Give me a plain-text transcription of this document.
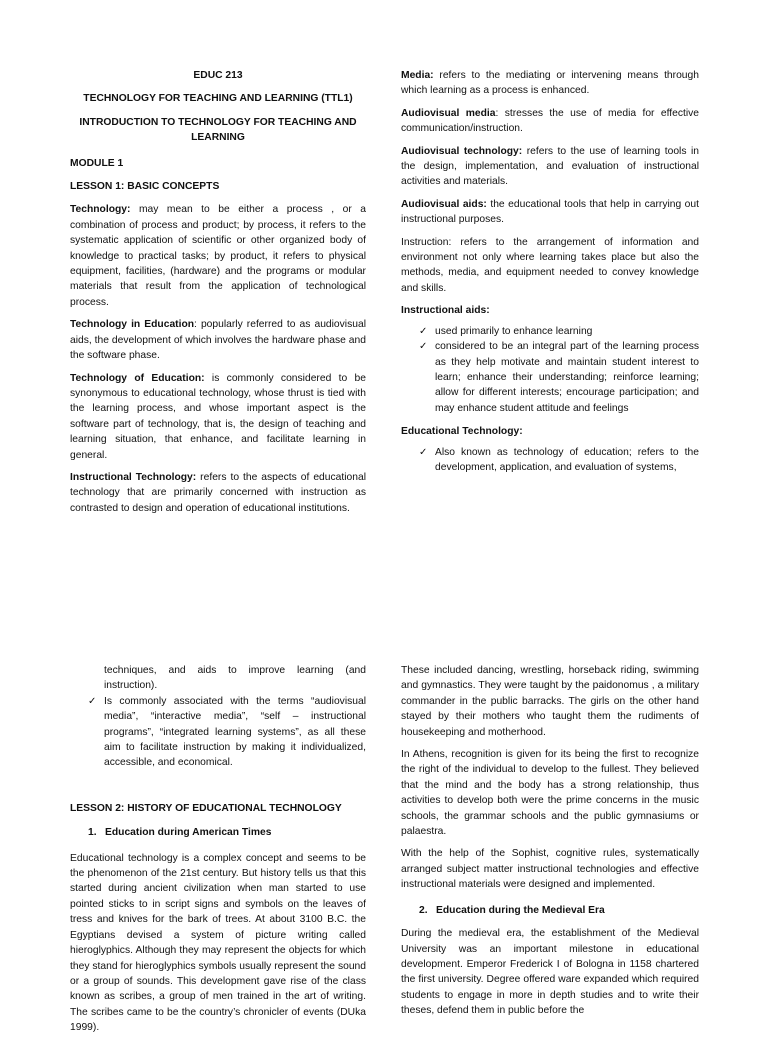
EDUC 213
TECHNOLOGY FOR TEACHING AND LEARNING (TTL1)
INTRODUCTION TO TECHNOLOGY FOR TEACHING AND LEARNING
MODULE 1
LESSON 1: BASIC CONCEPTS

Technology: may mean to be either a process , or a combination of process and product; by process, it refers to the systematic application of scientific or other organized body of knowledge to practical tasks; by product, it refers to physical equipment, facilities, (hardware) and the programs or modular materials that result from the application of technological process.

Technology in Education: popularly referred to as audiovisual aids, the development of which involves the hardware phase and the software phase.

Technology of Education: is commonly considered to be synonymous to educational technology, whose thrust is tied with the learning process, and whose important aspect is the software part of technology, that is, the design of teaching and learning situation, that enhance, and facilitate learning in general.

Instructional Technology: refers to the aspects of educational technology that are primarily concerned with instruction as contrasted to design and operation of educational institutions.

Media: refers to the mediating or intervening means through which learning as a process is enhanced.

Audiovisual media: stresses the use of media for effective communication/instruction.

Audiovisual technology: refers to the use of learning tools in the design, implementation, and evaluation of instructional activities and materials.

Audiovisual aids: the educational tools that help in carrying out instructional purposes.

Instruction: refers to the arrangement of information and environment not only where learning takes place but also the methods, media, and equipment needed to convey knowledge and skills.

Instructional aids:
✓ used primarily to enhance learning
✓ considered to be an integral part of the learning process as they help motivate and maintain student interest to learn; enhance their understanding; reinforce learning; allow for different interests; encourage participation; and may enhance student attitude and feelings
Educational Technology:
✓ Also known as technology of education; refers to the development, application, and evaluation of systems,
techniques, and aids to improve learning (and instruction).
✓ Is commonly associated with the terms “audiovisual media”, “interactive media”, “self – instructional programs”, “integrated learning systems”, as all these aim to facilitate instruction by making it individualized, accessible, and economical.
LESSON 2: HISTORY OF EDUCATIONAL TECHNOLOGY
1. Education during American Times

Educational technology is a complex concept and seems to be the phenomenon of the 21st century. But history tells us that this started during ancient civilization when man started to use pointed sticks to in script signs and symbols on the leaves of tress and knives for the bark of trees. At about 3100 B.C. the Egyptians devised a system of picture writing called hieroglyphics. Although they may represent the objects for which they stand for hieroglyphics symbols usually represent the sound or a group of sounds. This development gave rise of the class known as scribes, a group of men trained in the art of writing. The scribes came to be the country’s chronicler of events (DUka 1999).

These included dancing, wrestling, horseback riding, swimming and gymnastics. They were taught by the paidonomus , a military commander in the public barracks. The girls on the other hand stayed by their mothers who taught them the rudiments of housekeeping and motherhood.

In Athens, recognition is given for its being the first to recognize the right of the individual to develop to the fullest. They believed that the mind and the body has a strong relationship, thus activities to develop both were the prime concerns in the music schools, the grammar schools and the public gymnasiums or palaestra.

With the help of the Sophist, cognitive rules, systematically arranged subject matter instructional technologies and effective instructional materials were designed and implemented.

2. Education during the Medieval Era

During the medieval era, the establishment of the Medieval University was an important milestone in educational development. Emperor Frederick I of Bologna in 1158 chartered the first university. Degree offered ware expanded which required students to engage in more in depth studies and to write their theses, defend them in public before the
